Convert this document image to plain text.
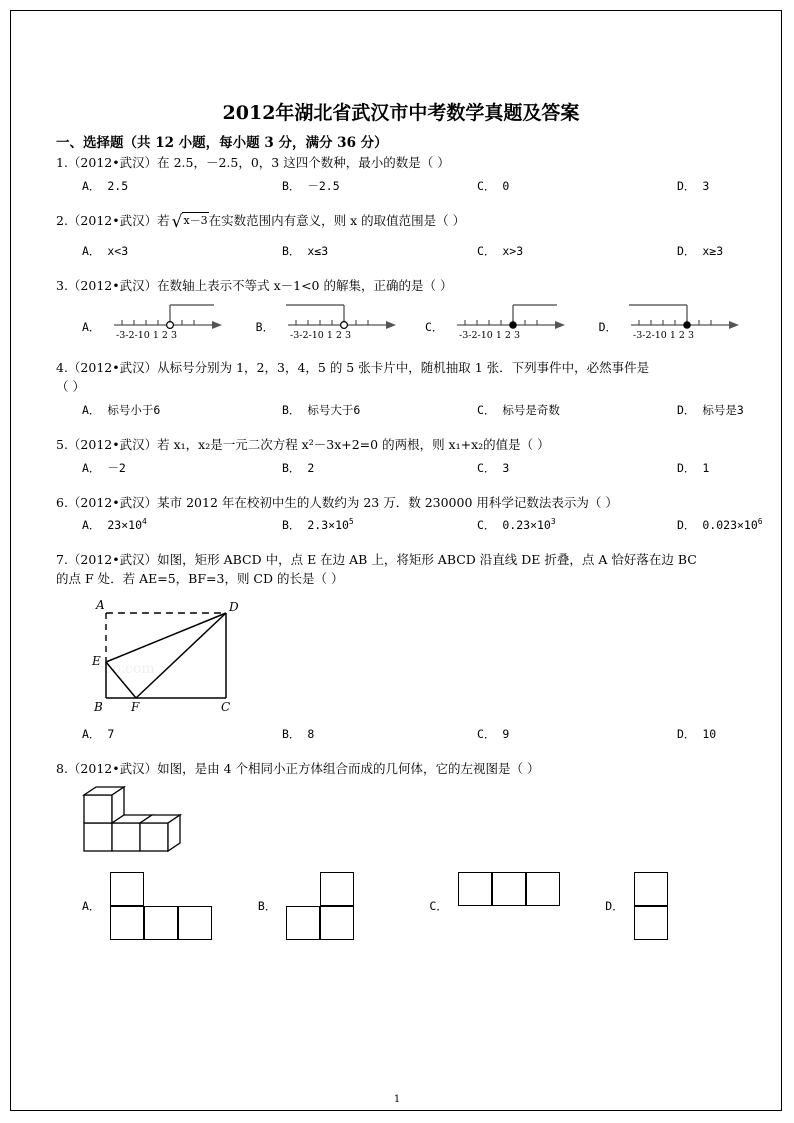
2012年湖北省武汉市中考数学真题及答案
一、选择题（共 12 小题，每小题 3 分，满分 36 分）
1.（2012•武汉）在 2.5，－2.5，0，3 这四个数种，最小的数是（ ）
A． 2.5	B． －2.5	C． 0	D． 3
2.（2012•武汉）若 √x－3在实数范围内有意义，则 x 的取值范围是（ ）
A． x<3	B． x≤3	C． x>3	D． x≥3
3.（2012•武汉）在数轴上表示不等式 x－1<0 的解集，正确的是（ ）
A．
-3-2-10 1 2 3
B．
-3-2-10 1 2 3
C．
-3-2-10 1 2 3
D．
-3-2-10 1 2 3
4.（2012•武汉）从标号分别为 1，2，3，4，5 的 5 张卡片中，随机抽取 1 张．下列事件中，必然事件是
（ ）
A． 标号小于6	B． 标号大于6	C． 标号是奇数	D． 标号是3
5.（2012•武汉）若 x₁，x₂是一元二次方程 x²－3x+2=0 的两根，则 x₁+x₂的值是（ ）
A． －2	B． 2	C． 3	D． 1
6.（2012•武汉）某市 2012 年在校初中生的人数约为 23 万．数 230000 用科学记数法表示为（ ）
A． $23\times 10^4$	B． $2.3\times 10^5$	C． $0.23\times 10^3$	D． $0.023\times 10^6$
7.（2012•武汉）如图，矩形 ABCD 中，点 E 在边 AB 上，将矩形 ABCD 沿直线 DE 折叠，点 A 恰好落在边 BC
的点 F 处．若 AE=5，BF=3，则 CD 的长是（ ）
oo.com
A	D
E
B F	C
A． 7	B． 8	C． 9	D． 10
8.（2012•武汉）如图，是由 4 个相同小正方体组合而成的几何体，它的左视图是（ ）
A．	B．	C．	D．
1
